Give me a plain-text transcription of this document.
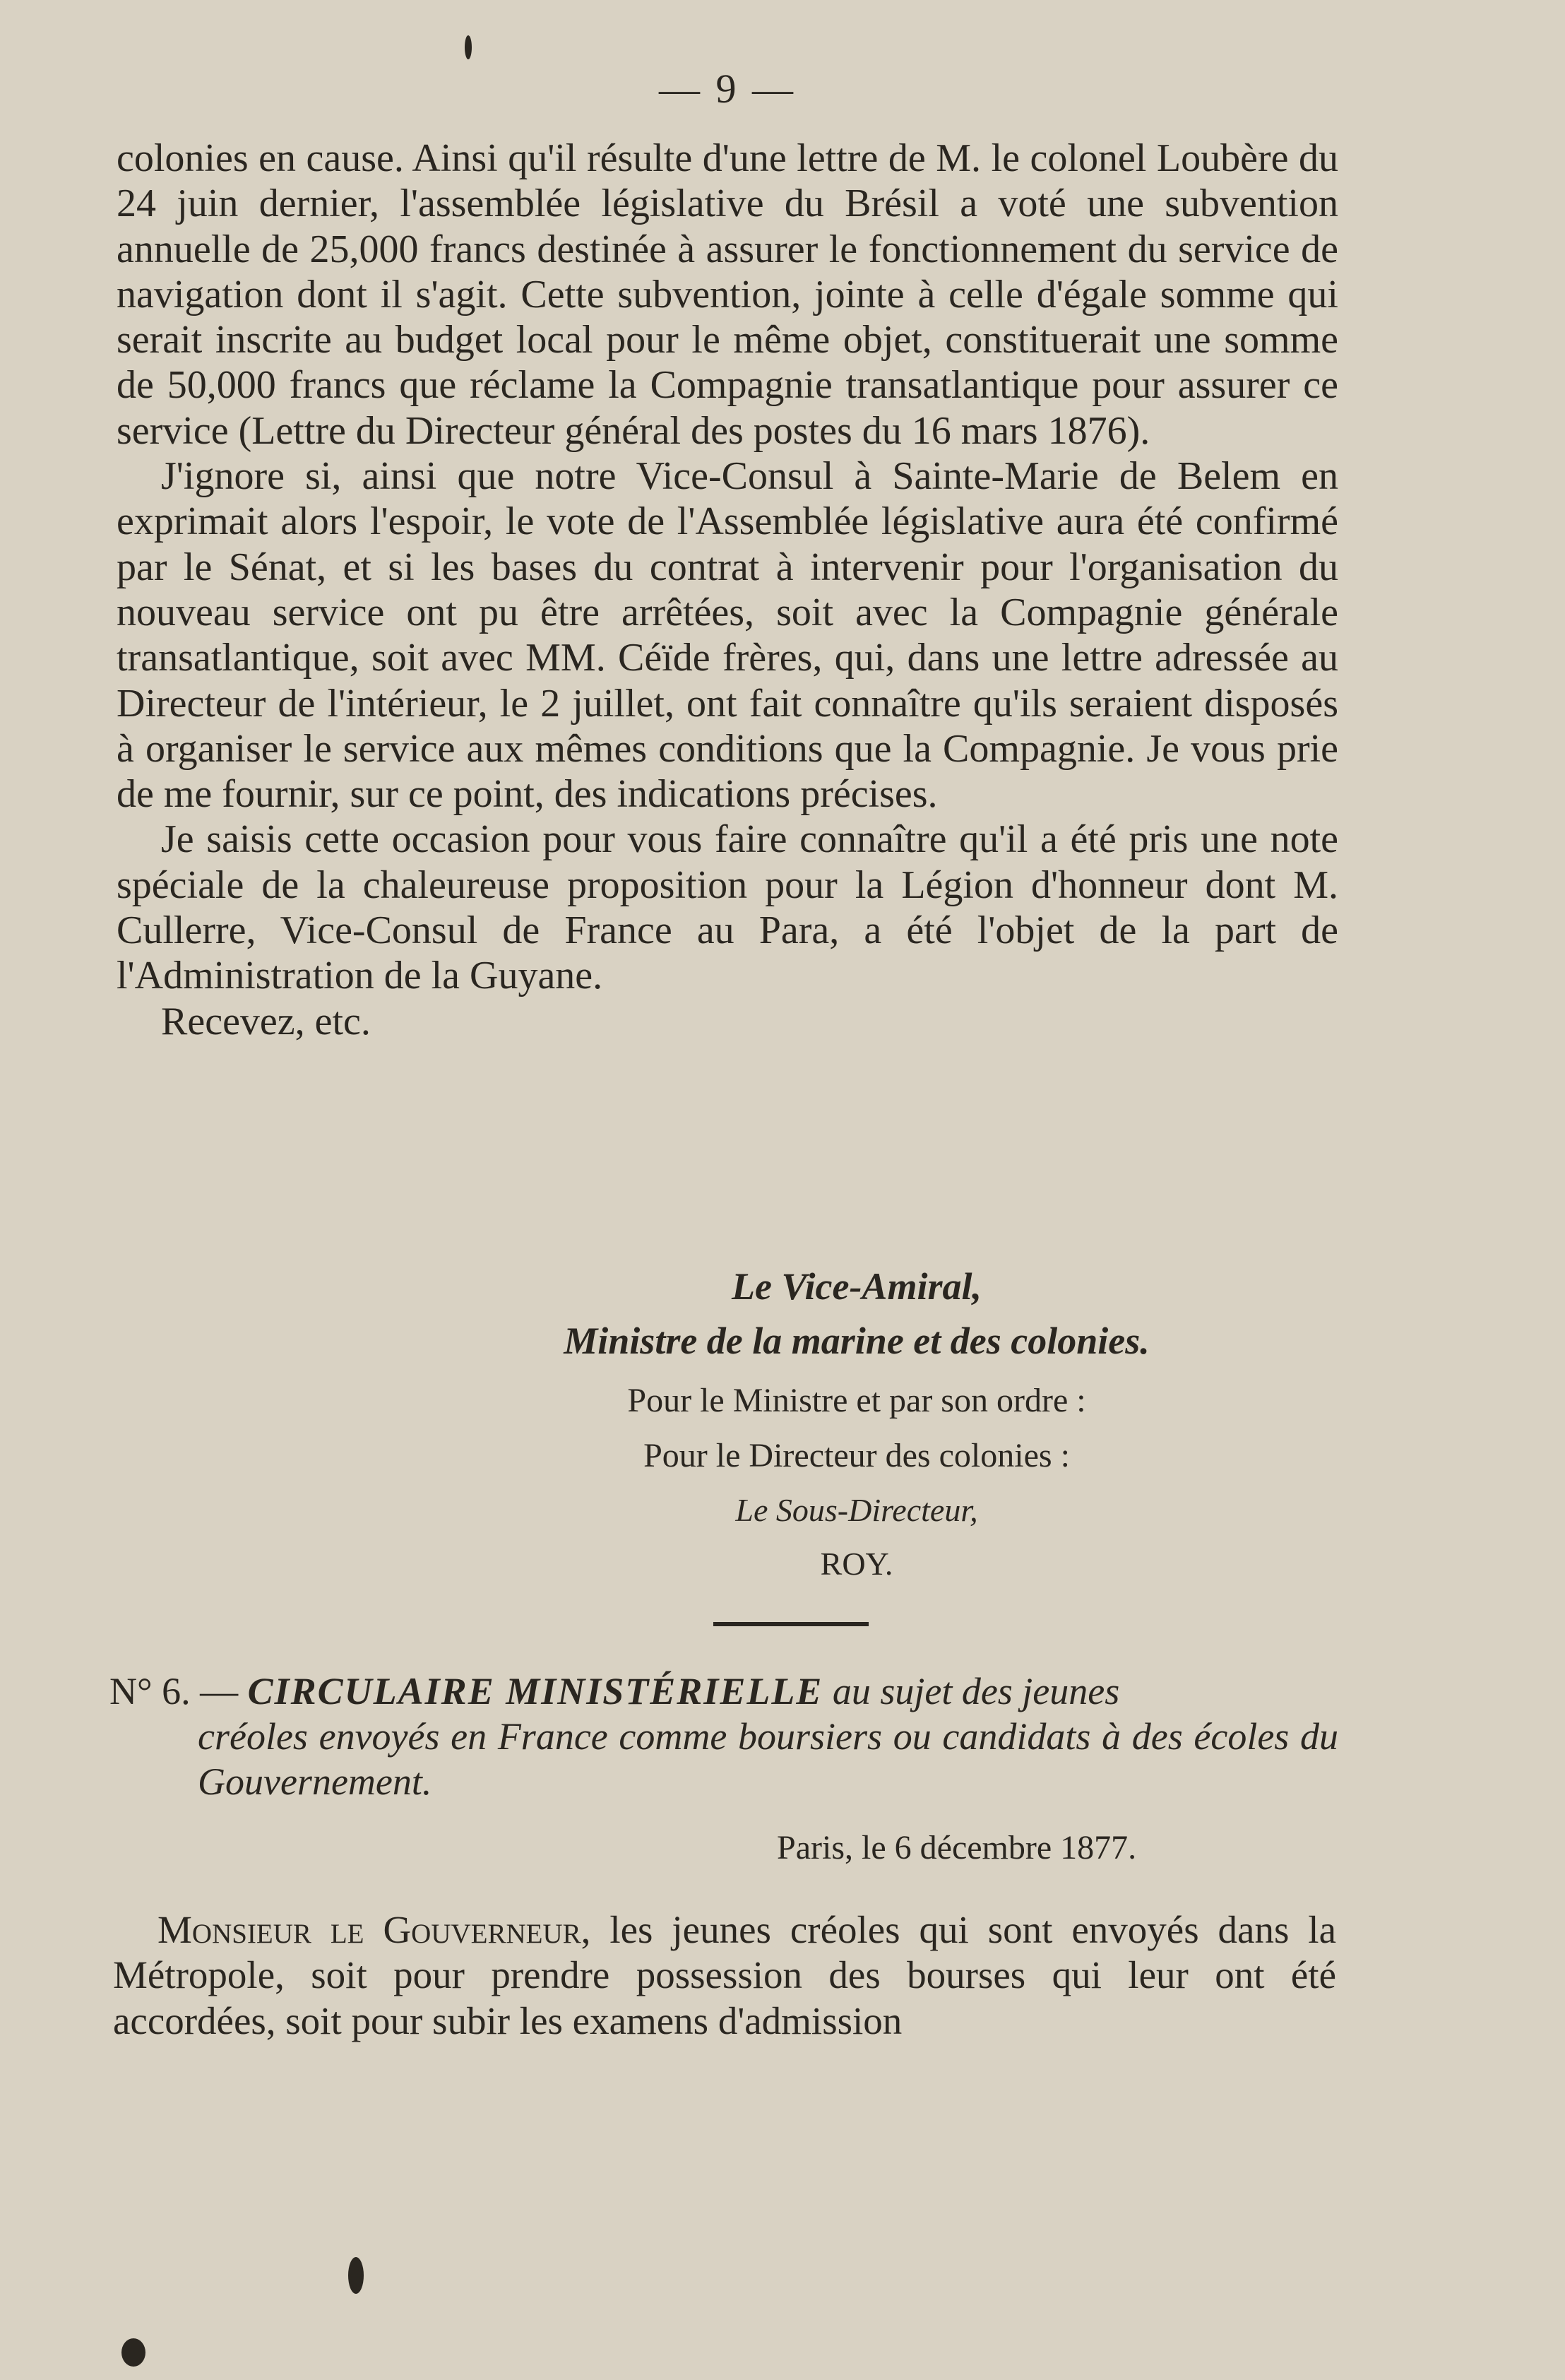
— 9 —

colonies en cause. Ainsi qu'il résulte d'une lettre de M. le colonel Loubère du 24 juin dernier, l'assemblée législative du Brésil a voté une subvention annuelle de 25,000 francs destinée à assurer le fonctionnement du service de navigation dont il s'agit. Cette subvention, jointe à celle d'égale somme qui serait inscrite au budget local pour le même objet, constituerait une somme de 50,000 francs que réclame la Compagnie transatlantique pour assurer ce service (Lettre du Directeur général des postes du 16 mars 1876).

J'ignore si, ainsi que notre Vice-Consul à Sainte-Marie de Belem en exprimait alors l'espoir, le vote de l'Assemblée législative aura été confirmé par le Sénat, et si les bases du contrat à intervenir pour l'organisation du nouveau service ont pu être arrêtées, soit avec la Compagnie générale transatlantique, soit avec MM. Céïde frères, qui, dans une lettre adressée au Directeur de l'intérieur, le 2 juillet, ont fait connaître qu'ils seraient disposés à organiser le service aux mêmes conditions que la Compagnie. Je vous prie de me fournir, sur ce point, des indications précises.

Je saisis cette occasion pour vous faire connaître qu'il a été pris une note spéciale de la chaleureuse proposition pour la Légion d'honneur dont M. Cullerre, Vice-Consul de France au Para, a été l'objet de la part de l'Administration de la Guyane.

Recevez, etc.

Le Vice-Amiral,
Ministre de la marine et des colonies.
Pour le Ministre et par son ordre :
Pour le Directeur des colonies :
Le Sous-Directeur,
ROY.
N° 6. — CIRCULAIRE MINISTÉRIELLE au sujet des jeunes
créoles envoyés en France comme boursiers ou candidats à des écoles du Gouvernement.
Paris, le 6 décembre 1877.

Monsieur le Gouverneur, les jeunes créoles qui sont envoyés dans la Métropole, soit pour prendre possession des bourses qui leur ont été accordées, soit pour subir les examens d'admission
